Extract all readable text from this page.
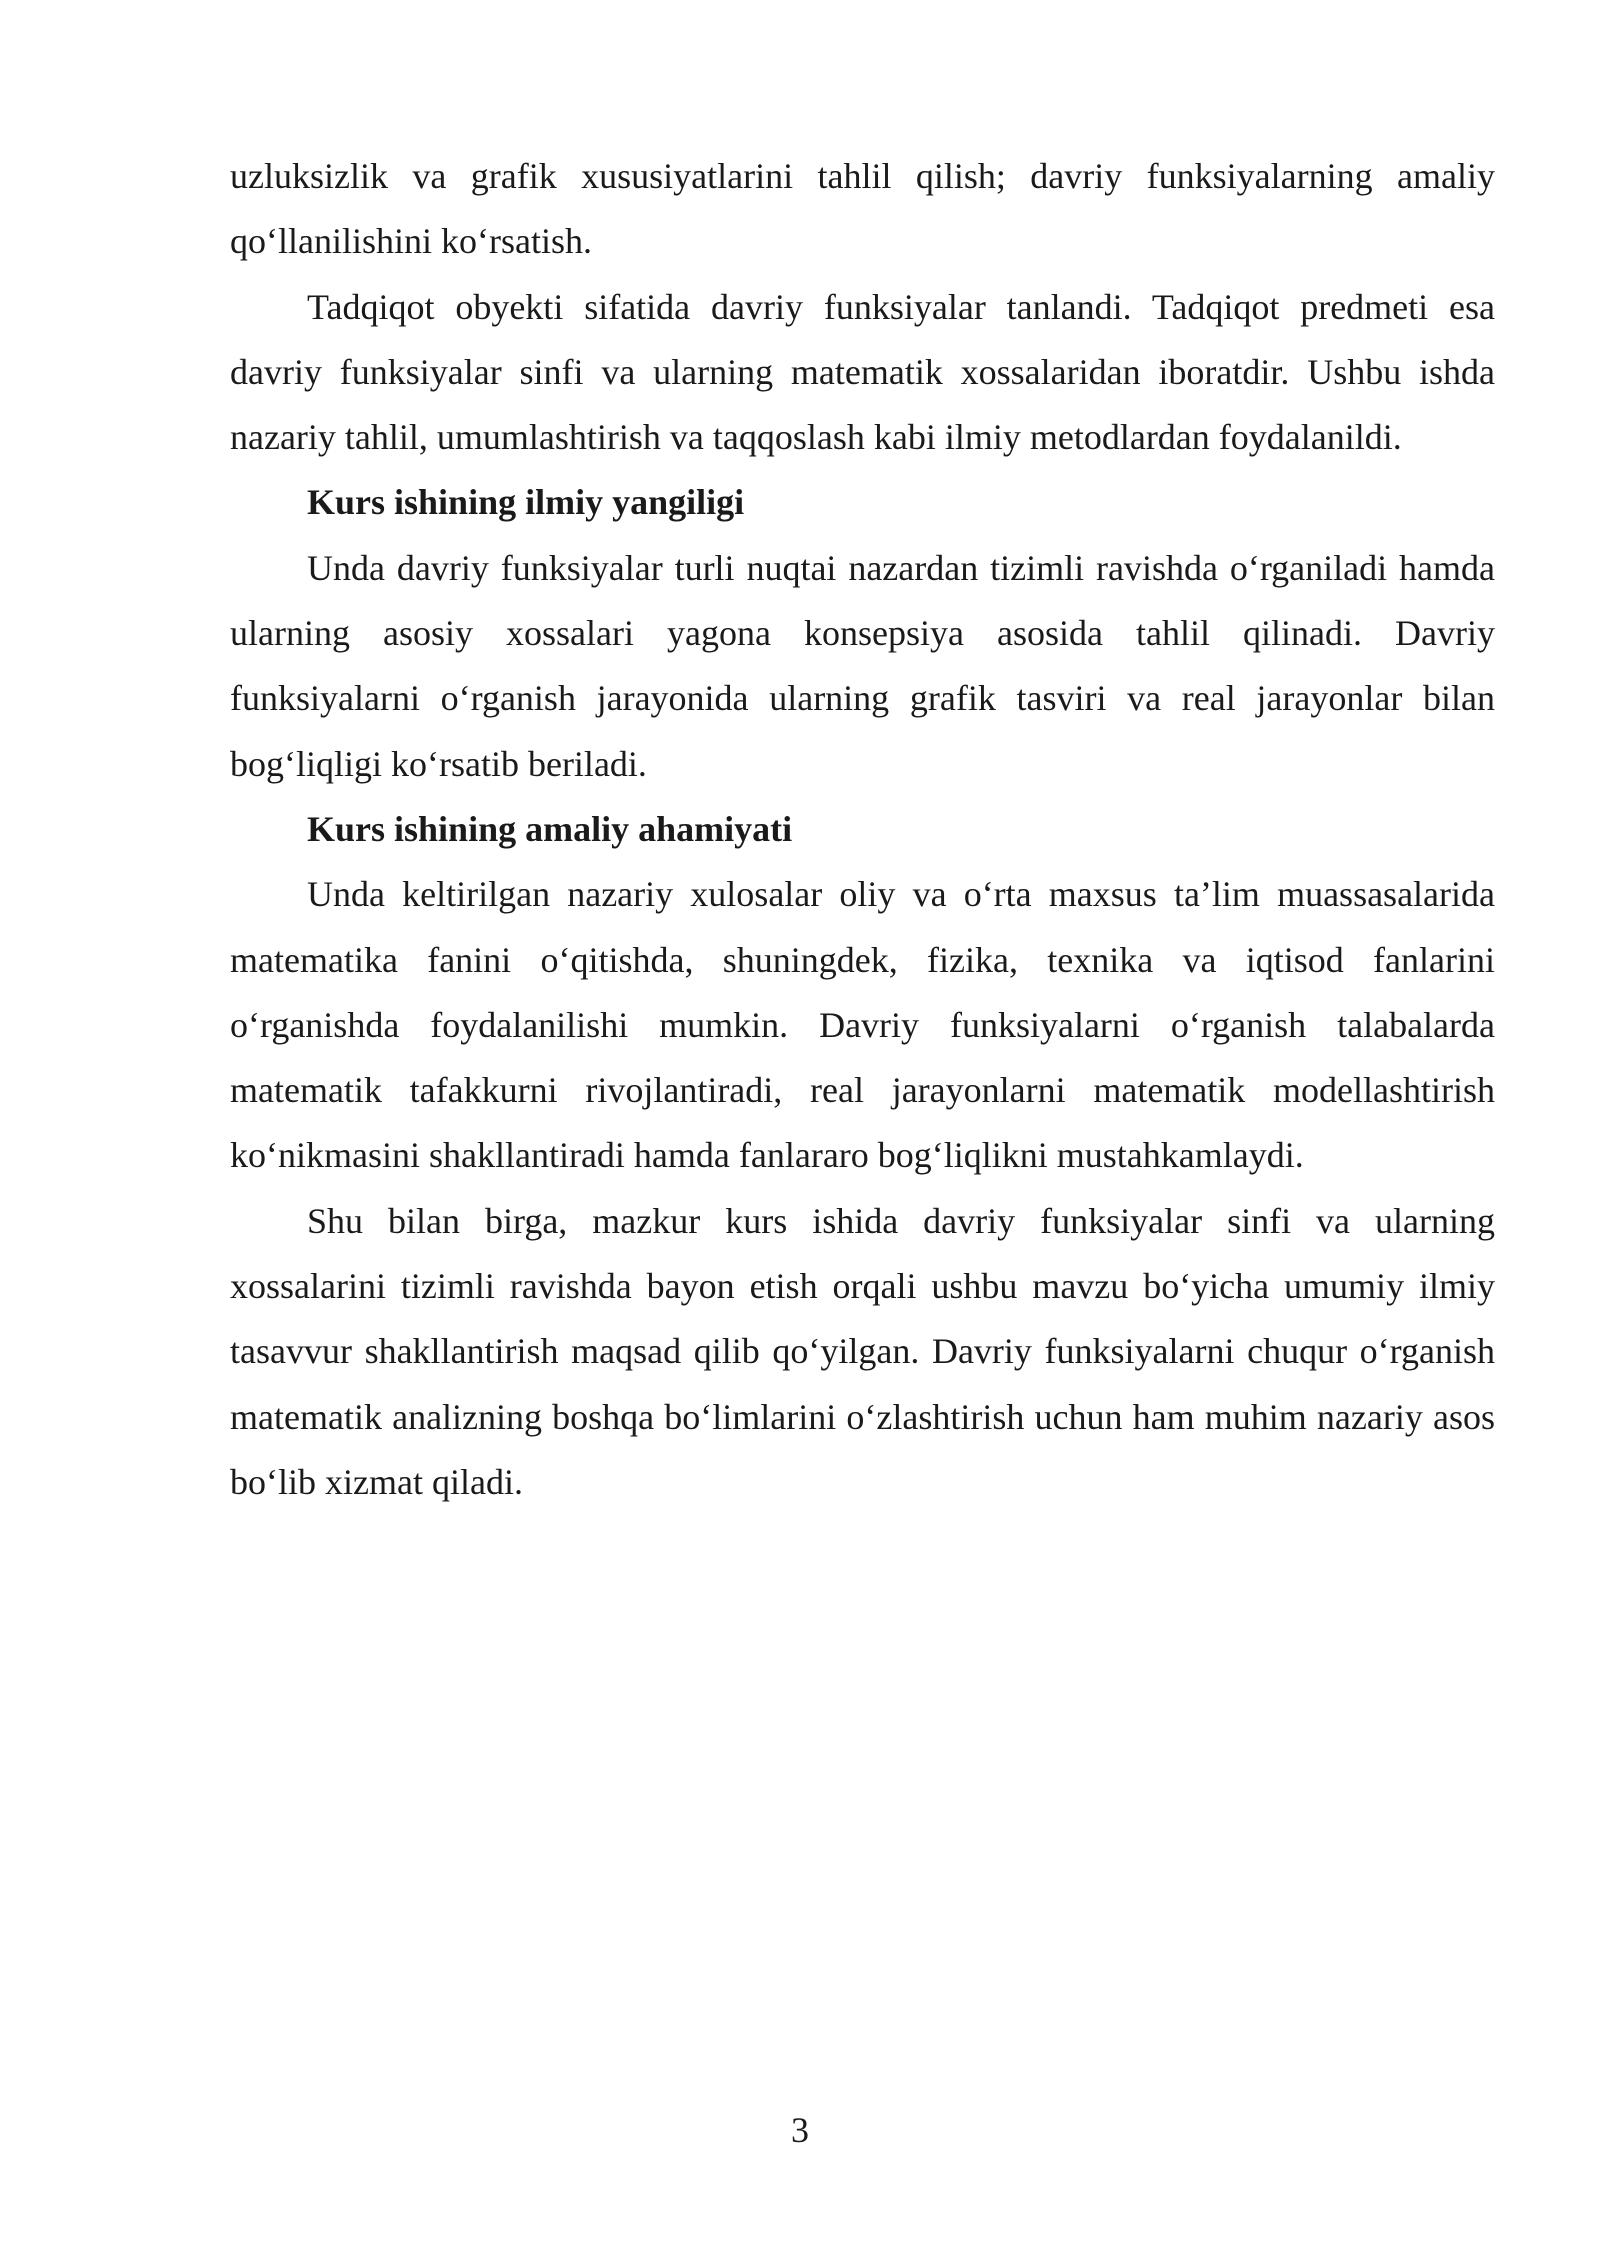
uzluksizlik va grafik xususiyatlarini tahlil qilish; davriy funksiyalarning amaliy qo‘llanilishini ko‘rsatish.

Tadqiqot obyekti sifatida davriy funksiyalar tanlandi. Tadqiqot predmeti esa davriy funksiyalar sinfi va ularning matematik xossalaridan iboratdir. Ushbu ishda nazariy tahlil, umumlashtirish va taqqoslash kabi ilmiy metodlardan foydalanildi.

Kurs ishining ilmiy yangiligi

Unda davriy funksiyalar turli nuqtai nazardan tizimli ravishda o‘rganiladi hamda ularning asosiy xossalari yagona konsepsiya asosida tahlil qilinadi. Davriy funksiyalarni o‘rganish jarayonida ularning grafik tasviri va real jarayonlar bilan bog‘liqligi ko‘rsatib beriladi.

Kurs ishining amaliy ahamiyati

Unda keltirilgan nazariy xulosalar oliy va o‘rta maxsus ta’lim muassasalarida matematika fanini o‘qitishda, shuningdek, fizika, texnika va iqtisod fanlarini o‘rganishda foydalanilishi mumkin. Davriy funksiyalarni o‘rganish talabalarda matematik tafakkurni rivojlantiradi, real jarayonlarni matematik modellashtirish ko‘nikmasini shakllantiradi hamda fanlararo bog‘liqlikni mustahkamlaydi.

Shu bilan birga, mazkur kurs ishida davriy funksiyalar sinfi va ularning xossalarini tizimli ravishda bayon etish orqali ushbu mavzu bo‘yicha umumiy ilmiy tasavvur shakllantirish maqsad qilib qo‘yilgan. Davriy funksiyalarni chuqur o‘rganish matematik analizning boshqa bo‘limlarini o‘zlashtirish uchun ham muhim nazariy asos bo‘lib xizmat qiladi.

3
